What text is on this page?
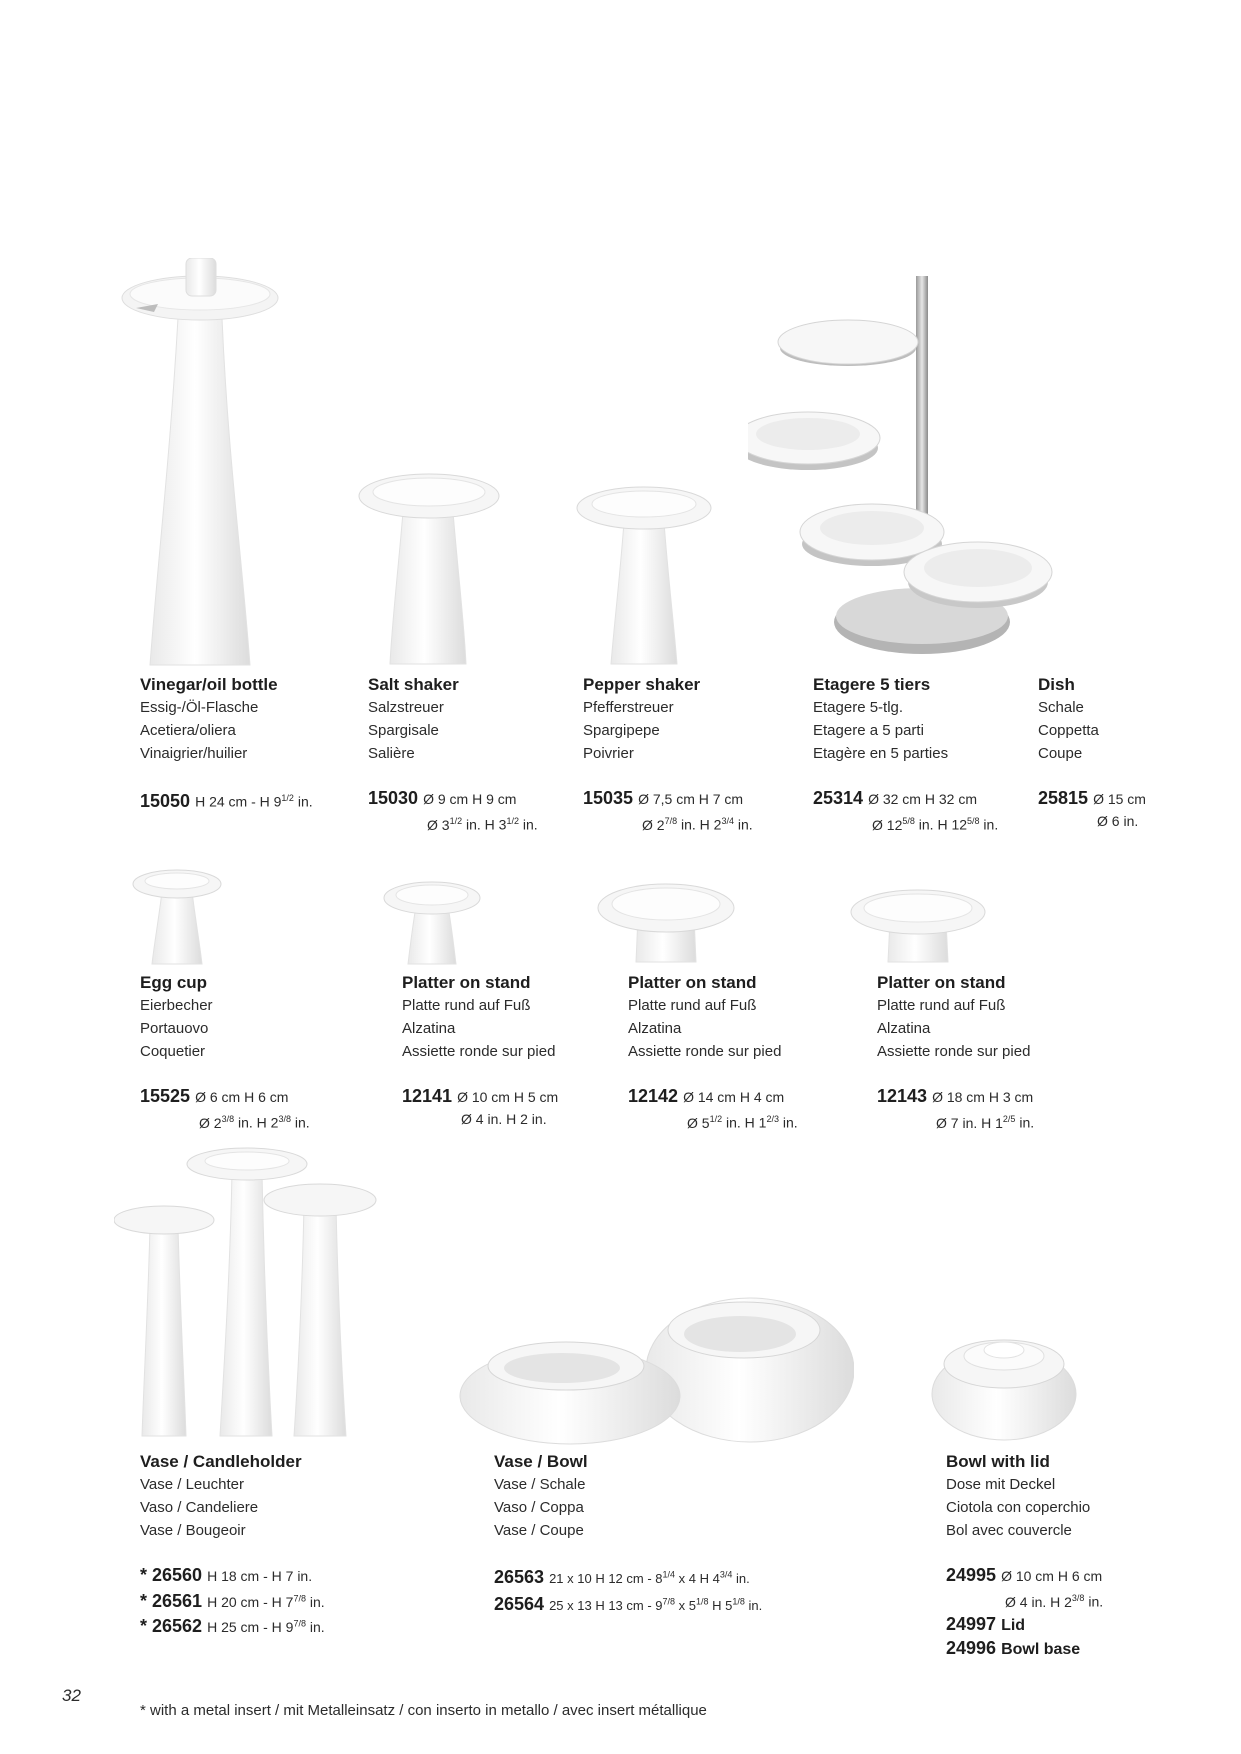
Vinegar/oil bottle
Essig-/Öl-Flasche
Acetiera/oliera
Vinaigrier/huilier
15050 H 24 cm - H $9^{1/2}$ in.
Salt shaker
Salzstreuer
Spargisale
Salière
15030 Ø 9 cm H 9 cm
Ø $3^{1/2}$ in. H $3^{1/2}$ in.
Pepper shaker
Pfefferstreuer
Spargipepe
Poivrier
15035 Ø 7,5 cm H 7 cm
Ø $2^{7/8}$ in. H $2^{3/4}$ in.
Etagere 5 tiers
Etagere 5-tlg.
Etagere a 5 parti
Etagère en 5 parties
25314 Ø 32 cm H 32 cm
Ø $12^{5/8}$ in. H $12^{5/8}$ in.
Dish
Schale
Coppetta
Coupe
25815 Ø 15 cm
Ø 6 in.
Egg cup
Eierbecher
Portauovo
Coquetier
15525 Ø 6 cm H 6 cm
Ø $2^{3/8}$ in. H $2^{3/8}$ in.
Platter on stand
Platte rund auf Fuß
Alzatina
Assiette ronde sur pied
12141 Ø 10 cm H 5 cm
Ø 4 in. H 2 in.
Platter on stand
Platte rund auf Fuß
Alzatina
Assiette ronde sur pied
12142 Ø 14 cm H 4 cm
Ø $5^{1/2}$ in. H $1^{2/3}$ in.
Platter on stand
Platte rund auf Fuß
Alzatina
Assiette ronde sur pied
12143 Ø 18 cm H 3 cm
Ø 7 in. H $1^{2/5}$ in.
Vase / Candleholder
Vase / Leuchter
Vaso / Candeliere
Vase / Bougeoir
* 26560 H 18 cm - H 7 in.
* 26561 H 20 cm - H $7^{7/8}$ in.
* 26562 H 25 cm - H $9^{7/8}$ in.
Vase / Bowl
Vase / Schale
Vaso / Coppa
Vase / Coupe
26563 21 x 10 H 12 cm - $8^{1/4}$ x 4 H $4^{3/4}$ in.
26564 25 x 13 H 13 cm - $9^{7/8}$ x $5^{1/8}$ H $5^{1/8}$ in.
Bowl with lid
Dose mit Deckel
Ciotola con coperchio
Bol avec couvercle
24995 Ø 10 cm H 6 cm
Ø 4 in. H $2^{3/8}$ in.
24997 Lid
24996 Bowl base
32
* with a metal insert / mit Metalleinsatz / con inserto in metallo / avec insert métallique
